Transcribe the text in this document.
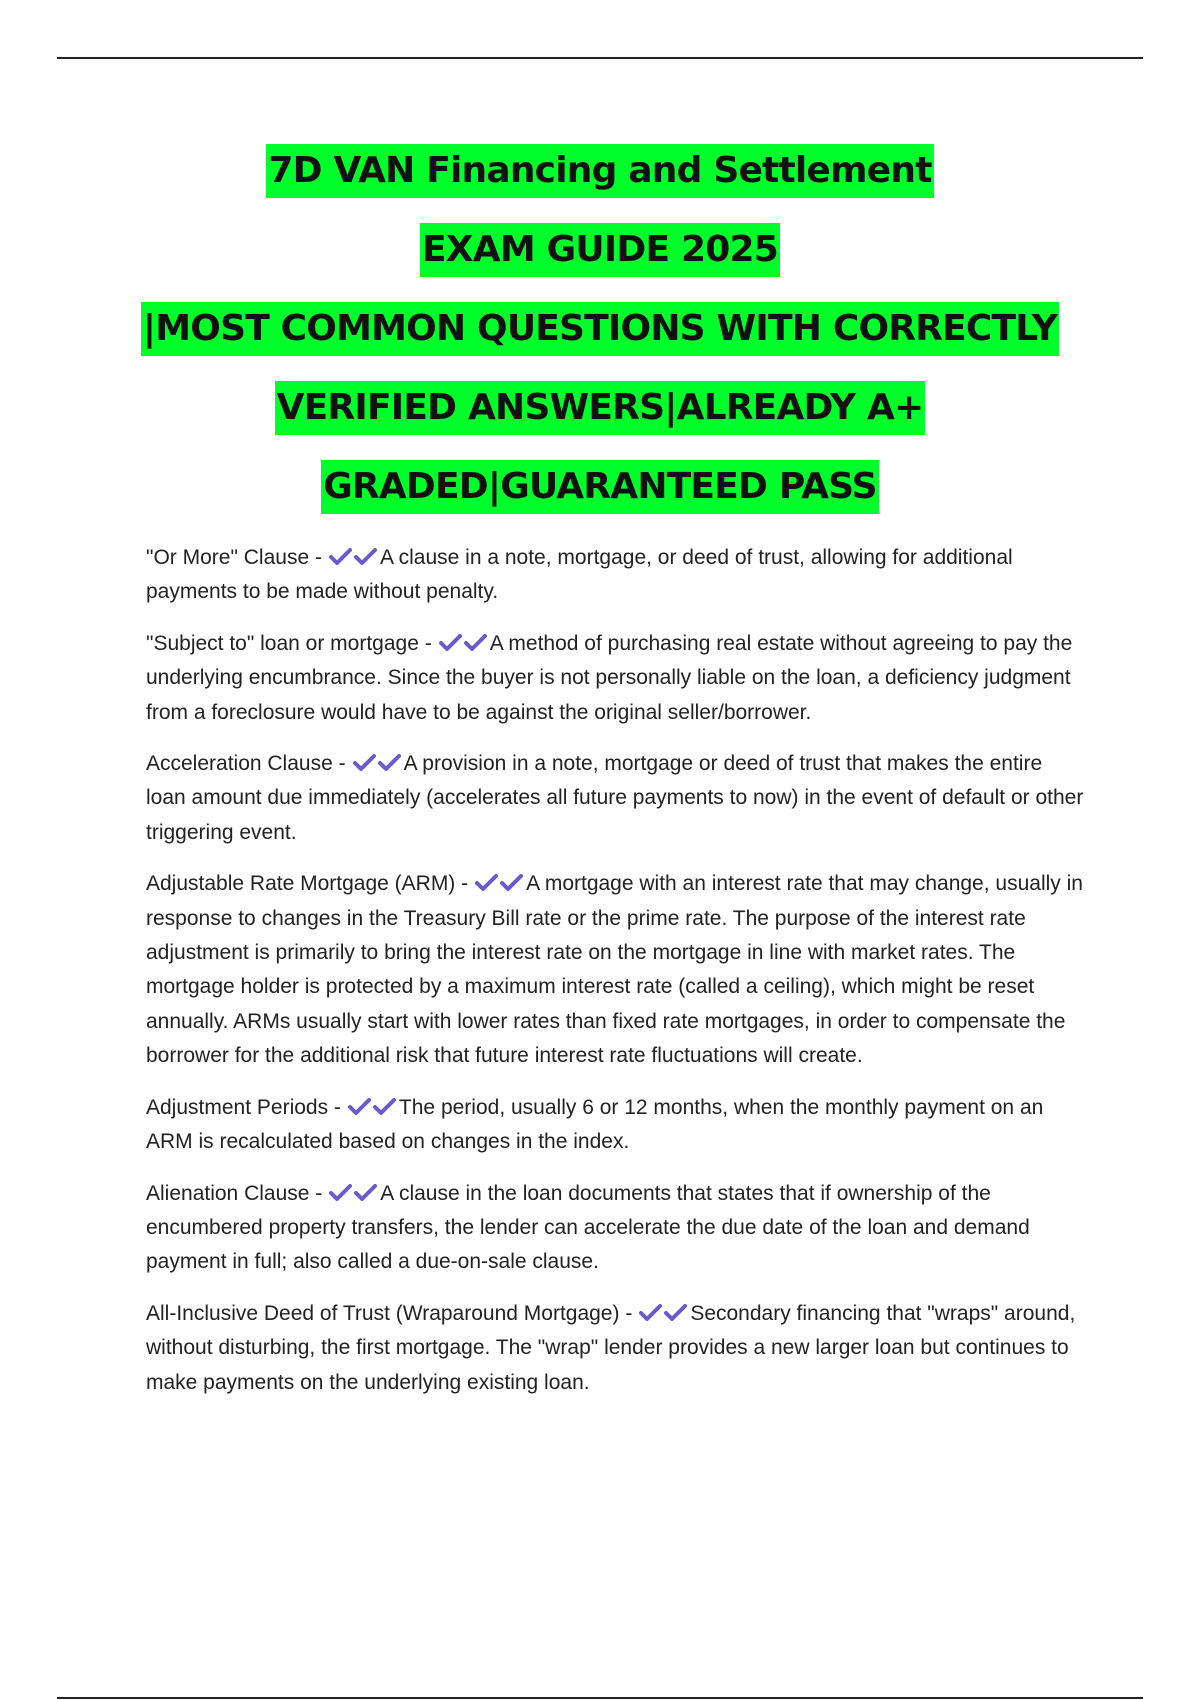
7D VAN Financing and Settlement
EXAM GUIDE 2025
|MOST COMMON QUESTIONS WITH CORRECTLY
VERIFIED ANSWERS|ALREADY A+
GRADED|GUARANTEED PASS

"Or More" Clause -	A clause in a note, mortgage, or deed of trust, allowing for additional payments to be made without penalty.

"Subject to" loan or mortgage -	A method of purchasing real estate without agreeing to pay the underlying encumbrance. Since the buyer is not personally liable on the loan, a deficiency judgment from a foreclosure would have to be against the original seller/borrower.

Acceleration Clause -	A provision in a note, mortgage or deed of trust that makes the entire loan amount due immediately (accelerates all future payments to now) in the event of default or other triggering event.

Adjustable Rate Mortgage (ARM) -	A mortgage with an interest rate that may change, usually in response to changes in the Treasury Bill rate or the prime rate. The purpose of the interest rate adjustment is primarily to bring the interest rate on the mortgage in line with market rates. The mortgage holder is protected by a maximum interest rate (called a ceiling), which might be reset annually. ARMs usually start with lower rates than fixed rate mortgages, in order to compensate the borrower for the additional risk that future interest rate fluctuations will create.

Adjustment Periods -	The period, usually 6 or 12 months, when the monthly payment on an ARM is recalculated based on changes in the index.

Alienation Clause -	A clause in the loan documents that states that if ownership of the encumbered property transfers, the lender can accelerate the due date of the loan and demand payment in full; also called a due-on-sale clause.

All-Inclusive Deed of Trust (Wraparound Mortgage) -	Secondary financing that "wraps" around, without disturbing, the first mortgage. The "wrap" lender provides a new larger loan but continues to make payments on the underlying existing loan.
